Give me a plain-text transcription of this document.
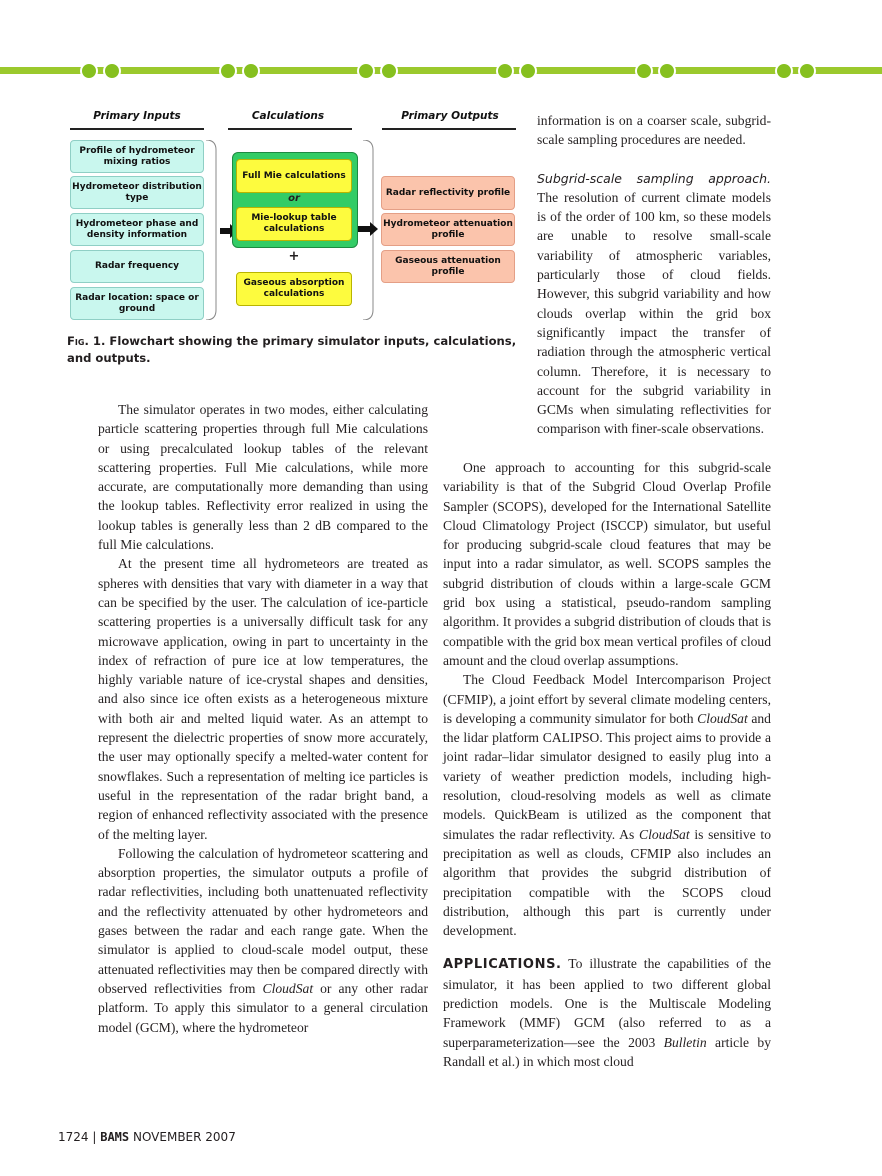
Primary Inputs	Calculations	Primary Outputs
Profile of hydrometeor mixing ratios
Hydrometeor distribution type
Hydrometeor phase and density information
Radar frequency
Radar location: space or ground
Full Mie calculations
or
Mie-lookup table calculations
+
Gaseous absorption calculations
Radar reflectivity profile
Hydrometeor attenuation profile
Gaseous attenuation profile
Fig. 1. Flowchart showing the primary simulator inputs, calculations, and outputs.

information is on a coarser scale, subgrid-scale sampling procedures are needed.

Subgrid-scale sampling approach. The resolution of current climate models is of the order of 100 km, so these models are unable to resolve small-scale variability of atmospheric variables, particularly those of cloud fields. However, this subgrid variability and how clouds overlap within the grid box significantly impact the transfer of radiation through the atmospheric vertical column. Therefore, it is necessary to account for the subgrid variability in GCMs when simulating reflectivities for comparison with finer-scale observations.

The simulator operates in two modes, either calculating particle scattering properties through full Mie calculations or using precalculated lookup tables of the relevant scattering properties. Full Mie calculations, while more accurate, are computationally more demanding than using the lookup tables. Reflectivity error realized in using the lookup tables is generally less than 2 dB compared to the full Mie calculations.

At the present time all hydrometeors are treated as spheres with densities that vary with diameter in a way that can be specified by the user. The calculation of ice-particle scattering properties is a universally difficult task for any microwave application, owing in part to uncertainty in the index of refraction of pure ice at low temperatures, the highly variable nature of ice-crystal shapes and densities, and also since ice often exists as a heterogeneous mixture with both air and melted liquid water. As an attempt to represent the dielectric properties of snow more accurately, the user may optionally specify a melted-water content for snowflakes. Such a representation of melting ice particles is useful in the representation of the radar bright band, a region of enhanced reflectivity associated with the presence of the melting layer.

Following the calculation of hydrometeor scattering and absorption properties, the simulator outputs a profile of radar reflectivities, including both unattenuated reflectivity and the reflectivity attenuated by other hydrometeors and gases between the radar and each range gate. When the simulator is applied to cloud-scale model output, these attenuated reflectivities may then be compared directly with observed reflectivities from CloudSat or any other radar platform. To apply this simulator to a general circulation model (GCM), where the hydrometeor

One approach to accounting for this subgrid-scale variability is that of the Subgrid Cloud Overlap Profile Sampler (SCOPS), developed for the International Satellite Cloud Climatology Project (ISCCP) simulator, but useful for producing subgrid-scale cloud features that may be input into a radar simulator, as well. SCOPS samples the subgrid distribution of clouds within a large-scale GCM grid box using a statistical, pseudo-random sampling algorithm. It provides a subgrid distribution of clouds that is compatible with the grid box mean vertical profiles of cloud amount and the cloud overlap assumptions.

The Cloud Feedback Model Intercomparison Project (CFMIP), a joint effort by several climate modeling centers, is developing a community simulator for both CloudSat and the lidar platform CALIPSO. This project aims to provide a joint radar–lidar simulator designed to easily plug into a variety of weather prediction models, including high-resolution, cloud-resolving models as well as climate models. QuickBeam is utilized as the component that simulates the radar reflectivity. As CloudSat is sensitive to precipitation as well as clouds, CFMIP also includes an algorithm that provides the subgrid distribution of precipitation compatible with the SCOPS cloud distribution, although this part is currently under development.

APPLICATIONS. To illustrate the capabilities of the simulator, it has been applied to two different global prediction models. One is the Multiscale Modeling Framework (MMF) GCM (also referred to as a superparameterization—see the 2003 Bulletin article by Randall et al.) in which most cloud

1724 | BAMS NOVEMBER 2007
